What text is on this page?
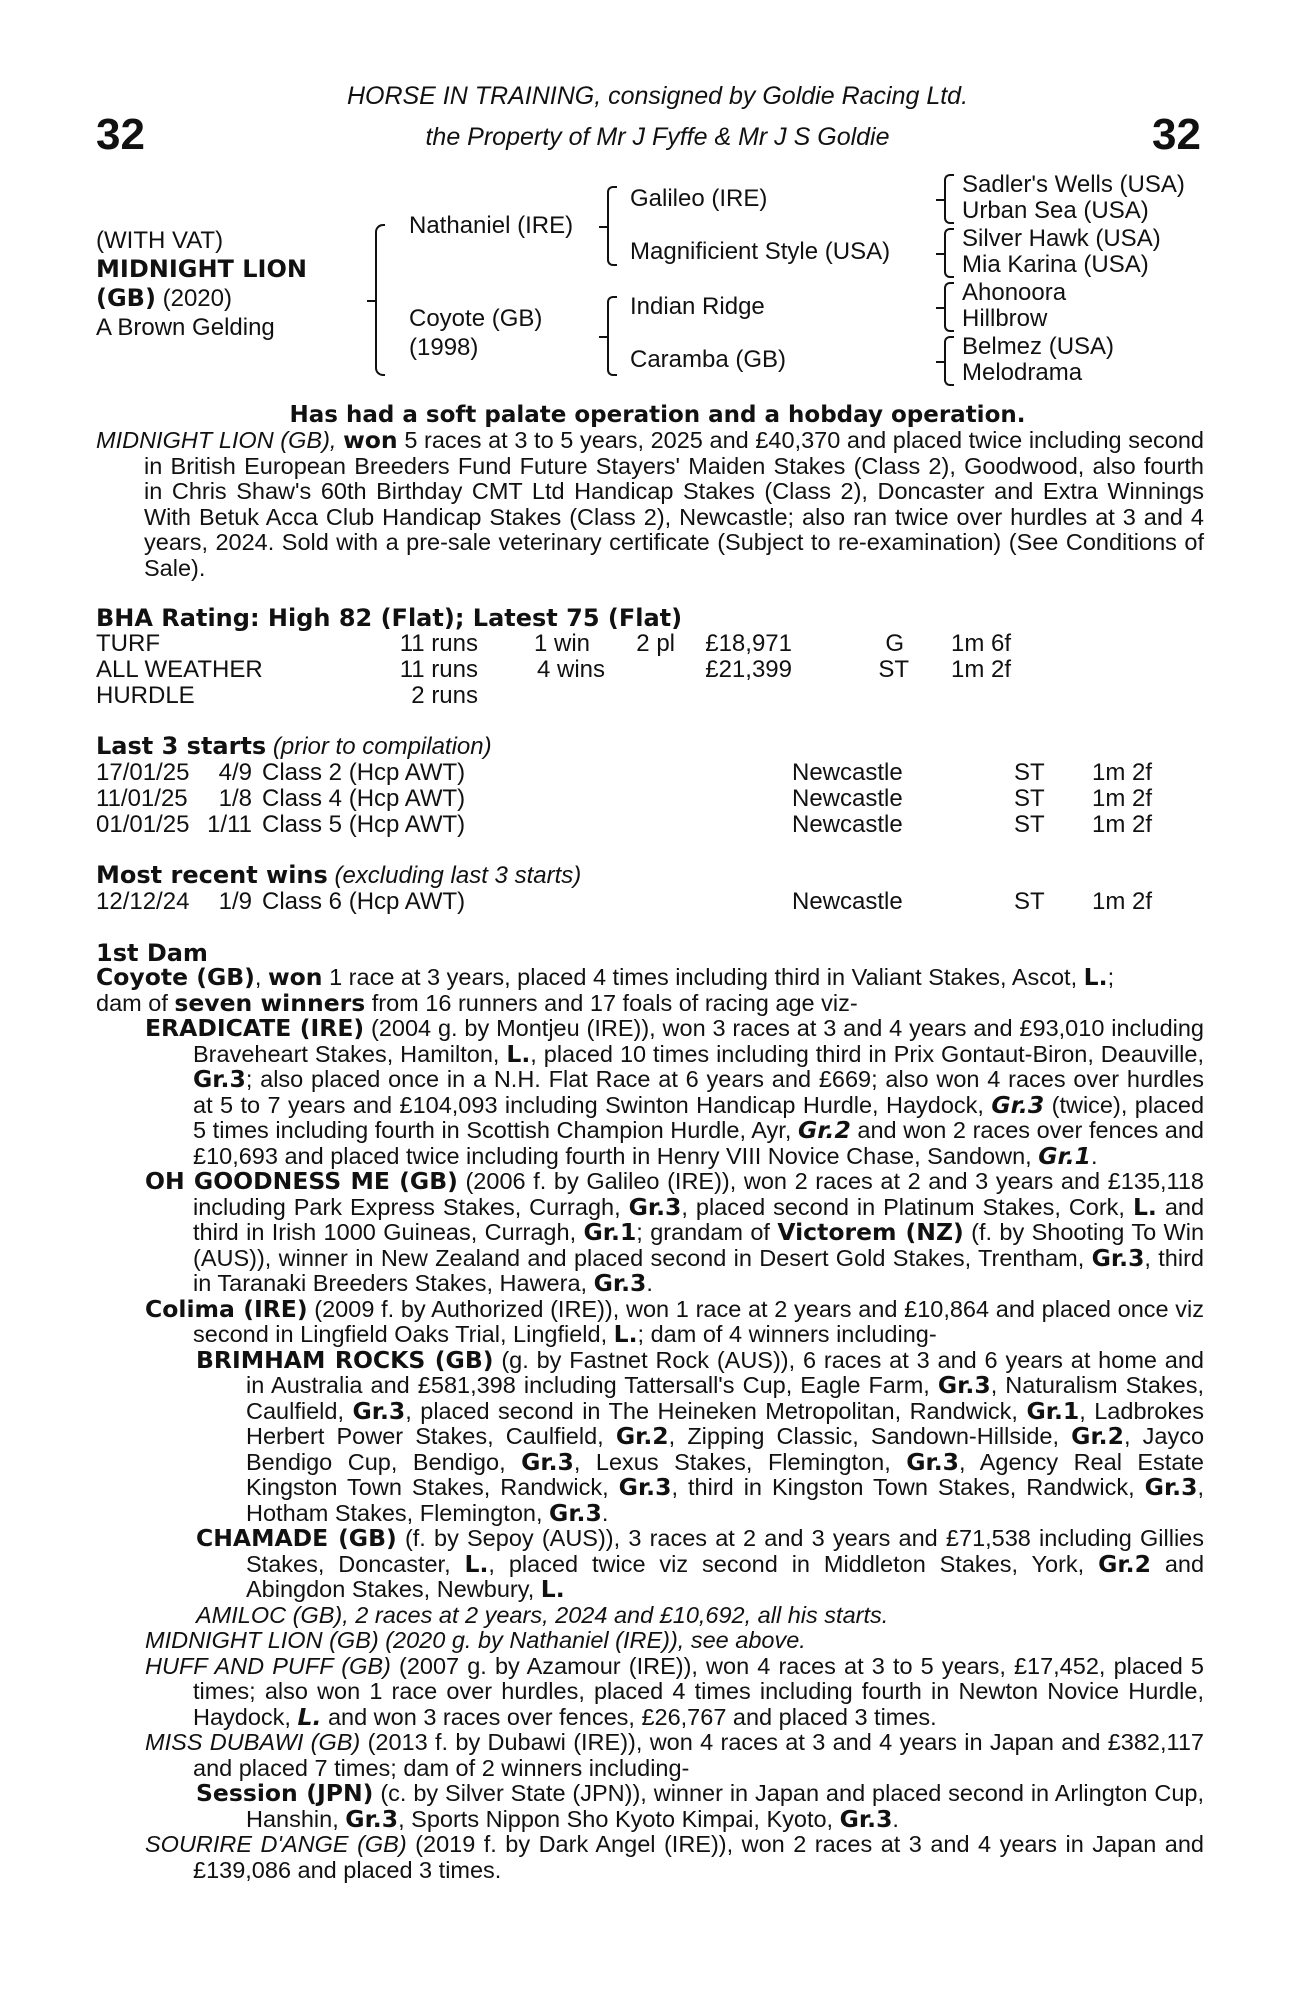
32	32
HORSE IN TRAINING, consigned by Goldie Racing Ltd.
the Property of Mr J Fyffe & Mr J S Goldie
(WITH VAT)
MIDNIGHT LION
(GB) (2020)
A Brown Gelding
Nathaniel (IRE)
Coyote (GB)
(1998)
Galileo (IRE)
Magnificient Style (USA)
Indian Ridge
Caramba (GB)
Sadler's Wells (USA)
Urban Sea (USA)
Silver Hawk (USA)
Mia Karina (USA)
Ahonoora
Hillbrow
Belmez (USA)
Melodrama
Has had a soft palate operation and a hobday operation.

MIDNIGHT LION (GB), won 5 races at 3 to 5 years, 2025 and £40,370 and placed twice including second in British European Breeders Fund Future Stayers' Maiden Stakes (Class 2), Goodwood, also fourth in Chris Shaw's 60th Birthday CMT Ltd Handicap Stakes (Class 2), Doncaster and Extra Winnings With Betuk Acca Club Handicap Stakes (Class 2), Newcastle; also ran twice over hurdles at 3 and 4 years, 2024. Sold with a pre-sale veterinary certificate (Subject to re-examination) (See Conditions of Sale).

BHA Rating: High 82 (Flat); Latest 75 (Flat)
TURF	11 runs	1 win	2 pl	£18,971	G 1m 6f
ALL WEATHER	11 runs	4 wins	£21,399	ST 1m 2f
HURDLE	2 runs
Last 3 starts (prior to compilation)
17/01/25	4/9 Class 2 (Hcp AWT)	Newcastle	ST	1m 2f
11/01/25	1/8 Class 4 (Hcp AWT)	Newcastle	ST	1m 2f
01/01/25 1/11 Class 5 (Hcp AWT)	Newcastle	ST	1m 2f
Most recent wins (excluding last 3 starts)
12/12/24	1/9 Class 6 (Hcp AWT)	Newcastle	ST	1m 2f
1st Dam

Coyote (GB), won 1 race at 3 years, placed 4 times including third in Valiant Stakes, Ascot, L.;
dam of seven winners from 16 runners and 17 foals of racing age viz-

ERADICATE (IRE) (2004 g. by Montjeu (IRE)), won 3 races at 3 and 4 years and £93,010 including Braveheart Stakes, Hamilton, L., placed 10 times including third in Prix Gontaut-Biron, Deauville, Gr.3; also placed once in a N.H. Flat Race at 6 years and £669; also won 4 races over hurdles at 5 to 7 years and £104,093 including Swinton Handicap Hurdle, Haydock, Gr.3 (twice), placed 5 times including fourth in Scottish Champion Hurdle, Ayr, Gr.2 and won 2 races over fences and £10,693 and placed twice including fourth in Henry VIII Novice Chase, Sandown, Gr.1.

OH GOODNESS ME (GB) (2006 f. by Galileo (IRE)), won 2 races at 2 and 3 years and £135,118 including Park Express Stakes, Curragh, Gr.3, placed second in Platinum Stakes, Cork, L. and third in Irish 1000 Guineas, Curragh, Gr.1; grandam of Victorem (NZ) (f. by Shooting To Win (AUS)), winner in New Zealand and placed second in Desert Gold Stakes, Trentham, Gr.3, third in Taranaki Breeders Stakes, Hawera, Gr.3.

Colima (IRE) (2009 f. by Authorized (IRE)), won 1 race at 2 years and £10,864 and placed once viz second in Lingfield Oaks Trial, Lingfield, L.; dam of 4 winners including-

BRIMHAM ROCKS (GB) (g. by Fastnet Rock (AUS)), 6 races at 3 and 6 years at home and in Australia and £581,398 including Tattersall's Cup, Eagle Farm, Gr.3, Naturalism Stakes, Caulfield, Gr.3, placed second in The Heineken Metropolitan, Randwick, Gr.1, Ladbrokes Herbert Power Stakes, Caulfield, Gr.2, Zipping Classic, Sandown-Hillside, Gr.2, Jayco Bendigo Cup, Bendigo, Gr.3, Lexus Stakes, Flemington, Gr.3, Agency Real Estate Kingston Town Stakes, Randwick, Gr.3, third in Kingston Town Stakes, Randwick, Gr.3, Hotham Stakes, Flemington, Gr.3.

CHAMADE (GB) (f. by Sepoy (AUS)), 3 races at 2 and 3 years and £71,538 including Gillies Stakes, Doncaster, L., placed twice viz second in Middleton Stakes, York, Gr.2 and Abingdon Stakes, Newbury, L.

AMILOC (GB), 2 races at 2 years, 2024 and £10,692, all his starts.

MIDNIGHT LION (GB) (2020 g. by Nathaniel (IRE)), see above.

HUFF AND PUFF (GB) (2007 g. by Azamour (IRE)), won 4 races at 3 to 5 years, £17,452, placed 5 times; also won 1 race over hurdles, placed 4 times including fourth in Newton Novice Hurdle, Haydock, L. and won 3 races over fences, £26,767 and placed 3 times.

MISS DUBAWI (GB) (2013 f. by Dubawi (IRE)), won 4 races at 3 and 4 years in Japan and £382,117 and placed 7 times; dam of 2 winners including-

Session (JPN) (c. by Silver State (JPN)), winner in Japan and placed second in Arlington Cup, Hanshin, Gr.3, Sports Nippon Sho Kyoto Kimpai, Kyoto, Gr.3.

SOURIRE D'ANGE (GB) (2019 f. by Dark Angel (IRE)), won 2 races at 3 and 4 years in Japan and £139,086 and placed 3 times.
